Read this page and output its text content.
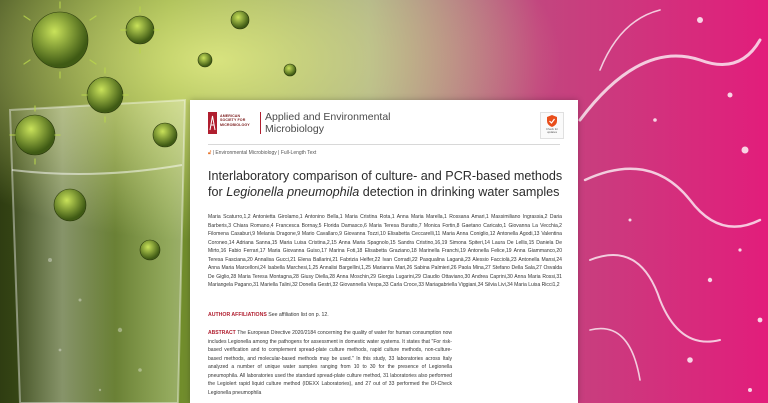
AMERICAN SOCIETY FOR MICROBIOLOGY
Applied and Environmental
Microbiology	Check for updates
🔓︎ | Environmental Microbiology | Full-Length Text
Interlaboratory comparison of culture- and PCR-based methods
for Legionella pneumophila detection in drinking water samples
Maria Scaturro,1,2 Antonietta Girolamo,1 Antonino Bella,1 Maria Cristina Rota,1 Anna Maria Marella,1 Rossana Amari,1 Massimiliano Ingrassia,2 Daria Barberis,3 Chiara Romano,4 Francesca Bornay,5 Florida Damasco,6 Maria Teresa Buratto,7 Monica Fortin,8 Gaetano Caricato,1 Giovanna La Vecchia,2 Filomena Casaburi,9 Melania Dragone,9 Mario Cavallaro,9 Giovanna Tozzi,10 Elisabetta Ceccarelli,11 Maria Anna Coniglio,12 Antonella Agodi,13 Valentina Coroneo,14 Adriana Sanna,15 Maria Luisa Cristina,2,15 Anna Maria Spagnolo,15 Sandra Cristino,16,19 Simona Spiteri,14 Laura De Lellis,15 Daniela De Mirto,16 Fabio Ferrari,17 Maria Giovanna Guiso,17 Marina Foti,18 Elisabetta Graziano,18 Marinella Franchi,19 Antonella Felice,19 Anna Giammanco,20 Teresa Fasciana,20 Annalisa Gucci,21 Elena Ballarini,21 Fabrizia Helfer,22 Ivan Corradi,22 Pasqualina Laganà,23 Alessio Facciolà,23 Antonella Mansi,24 Anna Maria Marcelloni,24 Isabella Marchesi,1,25 Annalisi Bargellini,1,25 Marianna Mari,26 Sabina Palmieri,26 Paola Mina,27 Stefano Della Sala,27 Osvalda De Giglio,28 Maria Teresa Montagna,28 Giusy Diella,28 Anna Moschin,29 Giorgia Lugarini,29 Claudio Ottaviano,30 Andrea Caprini,30 Anna Maria Rossi,31 Mariangela Pagano,31 Mariella Talini,32 Donella Gestri,32 Giovannella Vespa,33 Carla Croce,33 Mariagabriella Viggiani,34 Silvia Livi,34 Maria Luisa Ricci1,2
AUTHOR AFFILIATIONS See affiliation list on p. 12.
ABSTRACT The European Directive 2020/2184 concerning the quality of water for human consumption now includes Legionella among the pathogens for assessment in domestic water systems. It states that "For risk-based verification and to complement spread-plate culture methods, rapid culture methods, non-culture-based methods, and molecular-based methods may be used." In this study, 33 laboratories across Italy analyzed a number of unique water samples ranging from 10 to 30 for the presence of Legionella pneumophila. All laboratories used the standard spread-plate culture method, 31 laboratories also performed the Legiolert rapid liquid culture method (IDEXX Laboratories), and 27 out of 33 performed the DI-Check Legionella pneumophila
